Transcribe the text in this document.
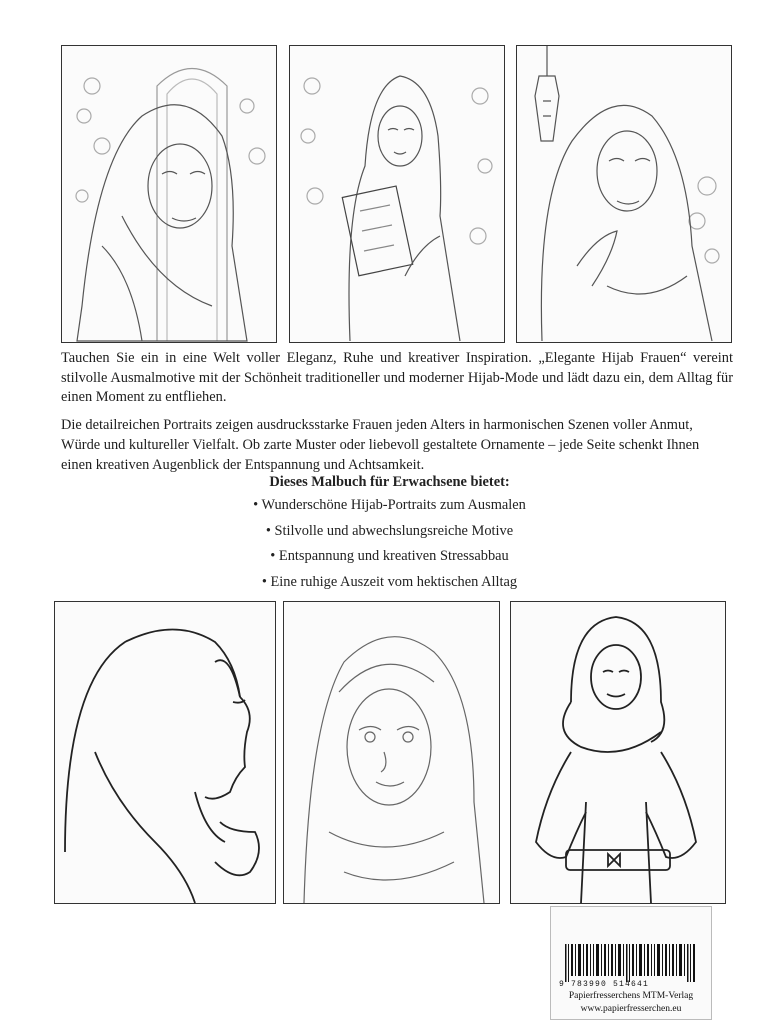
Tauchen Sie ein in eine Welt voller Eleganz, Ruhe und kreativer Inspiration. „Elegante Hijab Frauen“ vereint stilvolle Ausmalmotive mit der Schönheit traditioneller und moderner Hijab-Mode und lädt dazu ein, dem Alltag für einen Moment zu entfliehen.

Die detailreichen Portraits zeigen ausdrucksstarke Frauen jeden Alters in harmonischen Szenen voller Anmut, Würde und kultureller Vielfalt. Ob zarte Muster oder liebevoll gestaltete Ornamente – jede Seite schenkt Ihnen einen kreativen Augenblick der Entspannung und Achtsamkeit.

Dieses Malbuch für Erwachsene bietet:
• Wunderschöne Hijab-Portraits zum Ausmalen
• Stilvolle und abwechslungsreiche Motive
• Entspannung und kreativen Stressabbau
• Eine ruhige Auszeit vom hektischen Alltag
9 783990 514641
Papierfresserchens MTM-Verlag
www.papierfresserchen.eu
